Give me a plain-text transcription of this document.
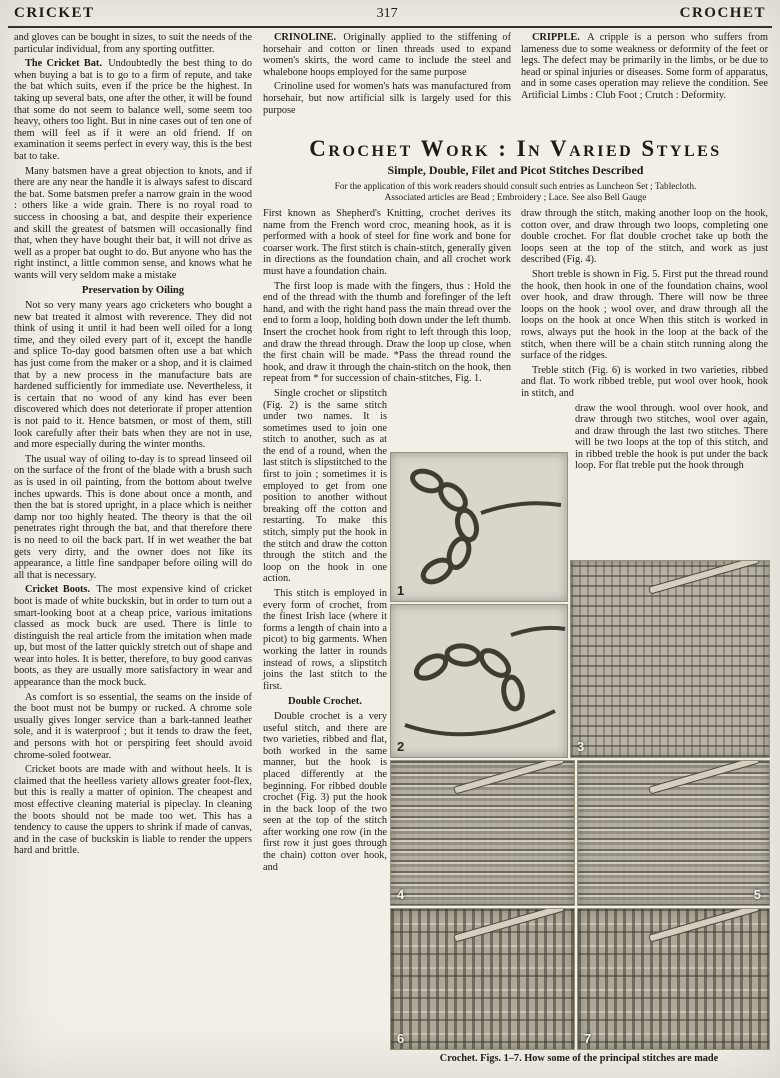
CRICKET	317	CROCHET

and gloves can be bought in sizes, to suit the needs of the particular individual, from any sporting outfitter.

The Cricket Bat. Undoubtedly the best thing to do when buying a bat is to go to a firm of repute, and take the bat which suits, even if the price be the highest. In taking up several bats, one after the other, it will be found that some do not seem to balance well, some seem too heavy, others too light. But in nine cases out of ten one of them will feel as if it were an old friend. If on examination it seems perfect in every way, this is the best bat to take.

Many batsmen have a great objection to knots, and if there are any near the handle it is always safest to discard the bat. Some batsmen prefer a narrow grain in the wood : others like a wide grain. There is no royal road to success in choosing a bat, and despite their experience and skill the greatest of batsmen will occasionally find that, when they have bought their bat, it will not drive as well as a proper bat ought to do. But anyone who has the right instinct, a little common sense, and knows what he wants will very seldom make a mistake

Preservation by Oiling

Not so very many years ago cricketers who bought a new bat treated it almost with reverence. They did not think of using it until it had been well oiled for a long time, and they oiled every part of it, except the handle and splice To-day good batsmen often use a bat which has just come from the maker or a shop, and it is claimed that by a new process in the manufacture bats are hardened sufficiently for immediate use. Nevertheless, it is certain that no wood of any kind has ever been discovered which does not deteriorate if proper attention is not paid to it. Hence batsmen, or most of them, still look carefully after their bats when they are not in use, and more especially during the winter months.

The usual way of oiling to-day is to spread linseed oil on the surface of the front of the blade with a brush such as is used in oil painting, from the bottom about twelve inches upwards. This is done about once a month, and then the bat is stored upright, in a place which is neither damp nor too highly heated. The theory is that the oil penetrates right through the bat, and that therefore there is no need to oil the back part. If in wet weather the bat gets very dirty, and the owner does not like its appearance, a little fine sandpaper before oiling will do all that is necessary.

Cricket Boots. The most expensive kind of cricket boot is made of white buckskin, but in order to turn out a smart-looking boot at a cheap price, various imitations classed as mock buck are used. There is little to distinguish the real article from the imitation when made up, but most of the latter quickly stretch out of shape and wear into holes. It is better, therefore, to buy good canvas boots, as they are usually more satisfactory in wear and appearance than the mock buck.

As comfort is so essential, the seams on the inside of the boot must not be bumpy or rucked. A chrome sole usually gives longer service than a bark-tanned leather sole, and it is waterproof ; but it tends to draw the feet, and persons with hot or perspiring feet should avoid chrome-soled footwear.

Cricket boots are made with and without heels. It is claimed that the heelless variety allows greater foot-flex, but this is really a matter of opinion. The cheapest and most effective cleaning material is pipeclay. In cleaning the boots should not be made too wet. This has a tendency to cause the uppers to shrink if made of canvas, and in the case of buckskin is liable to render the uppers hard and brittle.

CRINOLINE. Originally applied to the stiffening of horsehair and cotton or linen threads used to expand women's skirts, the word came to include the steel and whalebone hoops employed for the same purpose

Crinoline used for women's hats was manufactured from horsehair, but now artificial silk is largely used for this purpose

CRIPPLE. A cripple is a person who suffers from lameness due to some weakness or deformity of the feet or legs. The defect may be primarily in the limbs, or be due to head or spinal injuries or diseases. Some form of apparatus, and in some cases operation may relieve the condition. See Artificial Limbs : Club Foot ; Crutch : Deformity.

Crochet Work : In Varied Styles
Simple, Double, Filet and Picot Stitches Described
For the application of this work readers should consult such entries as Luncheon Set ; Tablecloth.
Associated articles are Bead ; Embroidery ; Lace. See also Bell Gauge

First known as Shepherd's Knitting, crochet derives its name from the French word croc, meaning hook, as it is performed with a hook of steel for fine work and bone for coarser work. The first stitch is chain-stitch, generally given in directions as the foundation chain, and all crochet work must have a foundation chain.

The first loop is made with the fingers, thus : Hold the end of the thread with the thumb and forefinger of the left hand, and with the right hand pass the main thread over the end to form a loop, holding both down under the left thumb. Insert the crochet hook from right to left through this loop, and draw the thread through. Draw the loop up close, when the first chain will be made. *Pass the thread round the hook, and draw it through the chain-stitch on the hook, then repeat from * for succession of chain-stitches, Fig. 1.

Single crochet or slipstitch (Fig. 2) is the same stitch under two names. It is sometimes used to join one stitch to another, such as at the end of a round, when the last stitch is slipstitched to the first to join ; sometimes it is employed to get from one position to another without breaking off the cotton and restarting. To make this stitch, simply put the hook in the stitch and draw the cotton through the stitch and the loop on the hook in one action.

This stitch is employed in every form of crochet, from the finest Irish lace (where it forms a length of chain into a picot) to big garments. When working the latter in rounds instead of rows, a slipstitch joins the last stitch to the first.

Double Crochet.

Double crochet is a very useful stitch, and there are two varieties, ribbed and flat, both worked in the same manner, but the hook is placed differently at the beginning. For ribbed double crochet (Fig. 3) put the hook in the back loop of the two seen at the top of the stitch after working one row (in the first row it just goes through the chain) cotton over hook, and

draw through the stitch, making another loop on the hook, cotton over, and draw through two loops, completing one double crochet. For flat double crochet take up both the loops seen at the top of the stitch, and work as just described (Fig. 4).

Short treble is shown in Fig. 5. First put the thread round the hook, then hook in one of the foundation chains, wool over hook, and draw through. There will now be three loops on the hook ; wool over, and draw through all the loops on the hook at once When this stitch is worked in rows, always put the hook in the loop at the back of the stitch, when there will be a chain stitch running along the surface of the ridges.

Treble stitch (Fig. 6) is worked in two varieties, ribbed and flat. To work ribbed treble, put wool over hook, hook in stitch, and

draw the wool through. wool over hook, and draw through two stitches, wool over again, and draw through the last two stitches. There will be two loops at the top of this stitch, and in ribbed treble the hook is put under the back loop. For flat treble put the hook through

1
2	3
4	5
6	7
Crochet. Figs. 1–7. How some of the principal stitches are made
